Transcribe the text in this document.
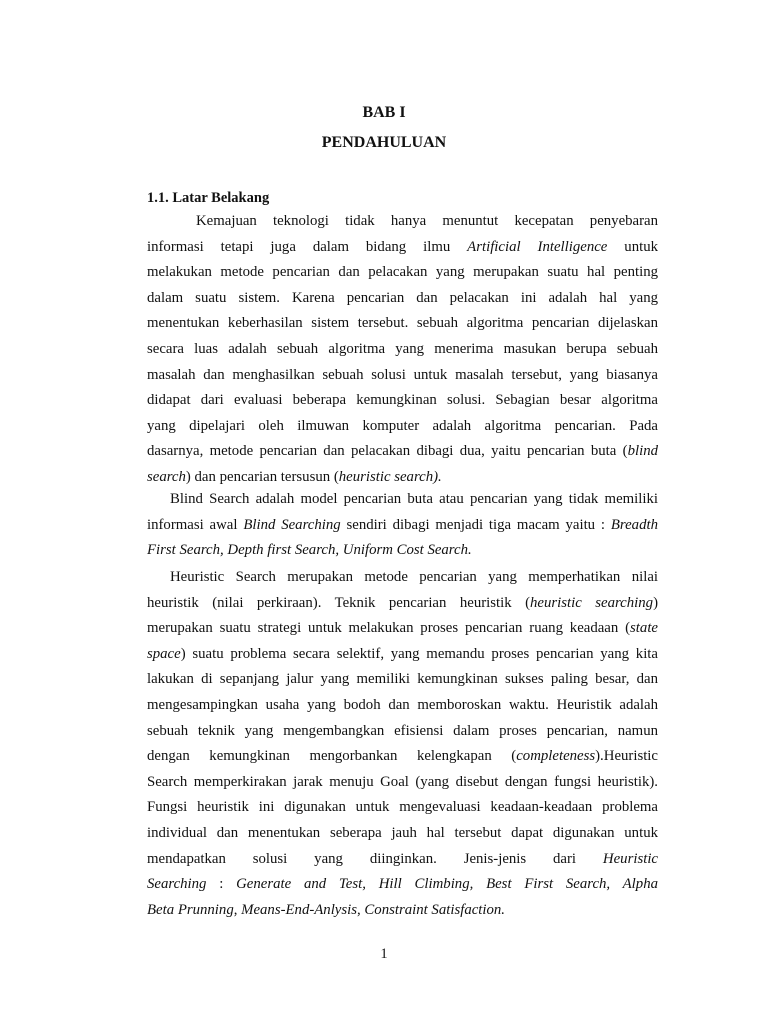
BAB I
PENDAHULUAN
1.1. Latar Belakang

Kemajuan teknologi tidak hanya menuntut kecepatan penyebaran
informasi tetapi juga dalam bidang ilmu Artificial Intelligence untuk
melakukan metode pencarian dan pelacakan yang merupakan suatu hal penting
dalam suatu sistem. Karena pencarian dan pelacakan ini adalah hal yang
menentukan keberhasilan sistem tersebut. sebuah algoritma pencarian dijelaskan
secara luas adalah sebuah algoritma yang menerima masukan berupa sebuah
masalah dan menghasilkan sebuah solusi untuk masalah tersebut, yang biasanya
didapat dari evaluasi beberapa kemungkinan solusi. Sebagian besar algoritma
yang dipelajari oleh ilmuwan komputer adalah algoritma pencarian. Pada
dasarnya, metode pencarian dan pelacakan dibagi dua, yaitu pencarian buta (blind
search) dan pencarian tersusun (heuristic search).

Blind Search adalah model pencarian buta atau pencarian yang tidak memiliki
informasi awal Blind Searching sendiri dibagi menjadi tiga macam yaitu : Breadth
First Search, Depth first Search, Uniform Cost Search.

Heuristic Search merupakan metode pencarian yang memperhatikan nilai
heuristik (nilai perkiraan). Teknik pencarian heuristik (heuristic searching)
merupakan suatu strategi untuk melakukan proses pencarian ruang keadaan (state
space) suatu problema secara selektif, yang memandu proses pencarian yang kita
lakukan di sepanjang jalur yang memiliki kemungkinan sukses paling besar, dan
mengesampingkan usaha yang bodoh dan memboroskan waktu. Heuristik adalah
sebuah teknik yang mengembangkan efisiensi dalam proses pencarian, namun
dengan kemungkinan mengorbankan kelengkapan (completeness).Heuristic
Search memperkirakan jarak menuju Goal (yang disebut dengan fungsi heuristik).
Fungsi heuristik ini digunakan untuk mengevaluasi keadaan-keadaan problema
individual dan menentukan seberapa jauh hal tersebut dapat digunakan untuk
mendapatkan solusi yang diinginkan. Jenis-jenis dari Heuristic
Searching : Generate and Test, Hill Climbing, Best First Search, Alpha
Beta Prunning, Means-End-Anlysis, Constraint Satisfaction.

1
